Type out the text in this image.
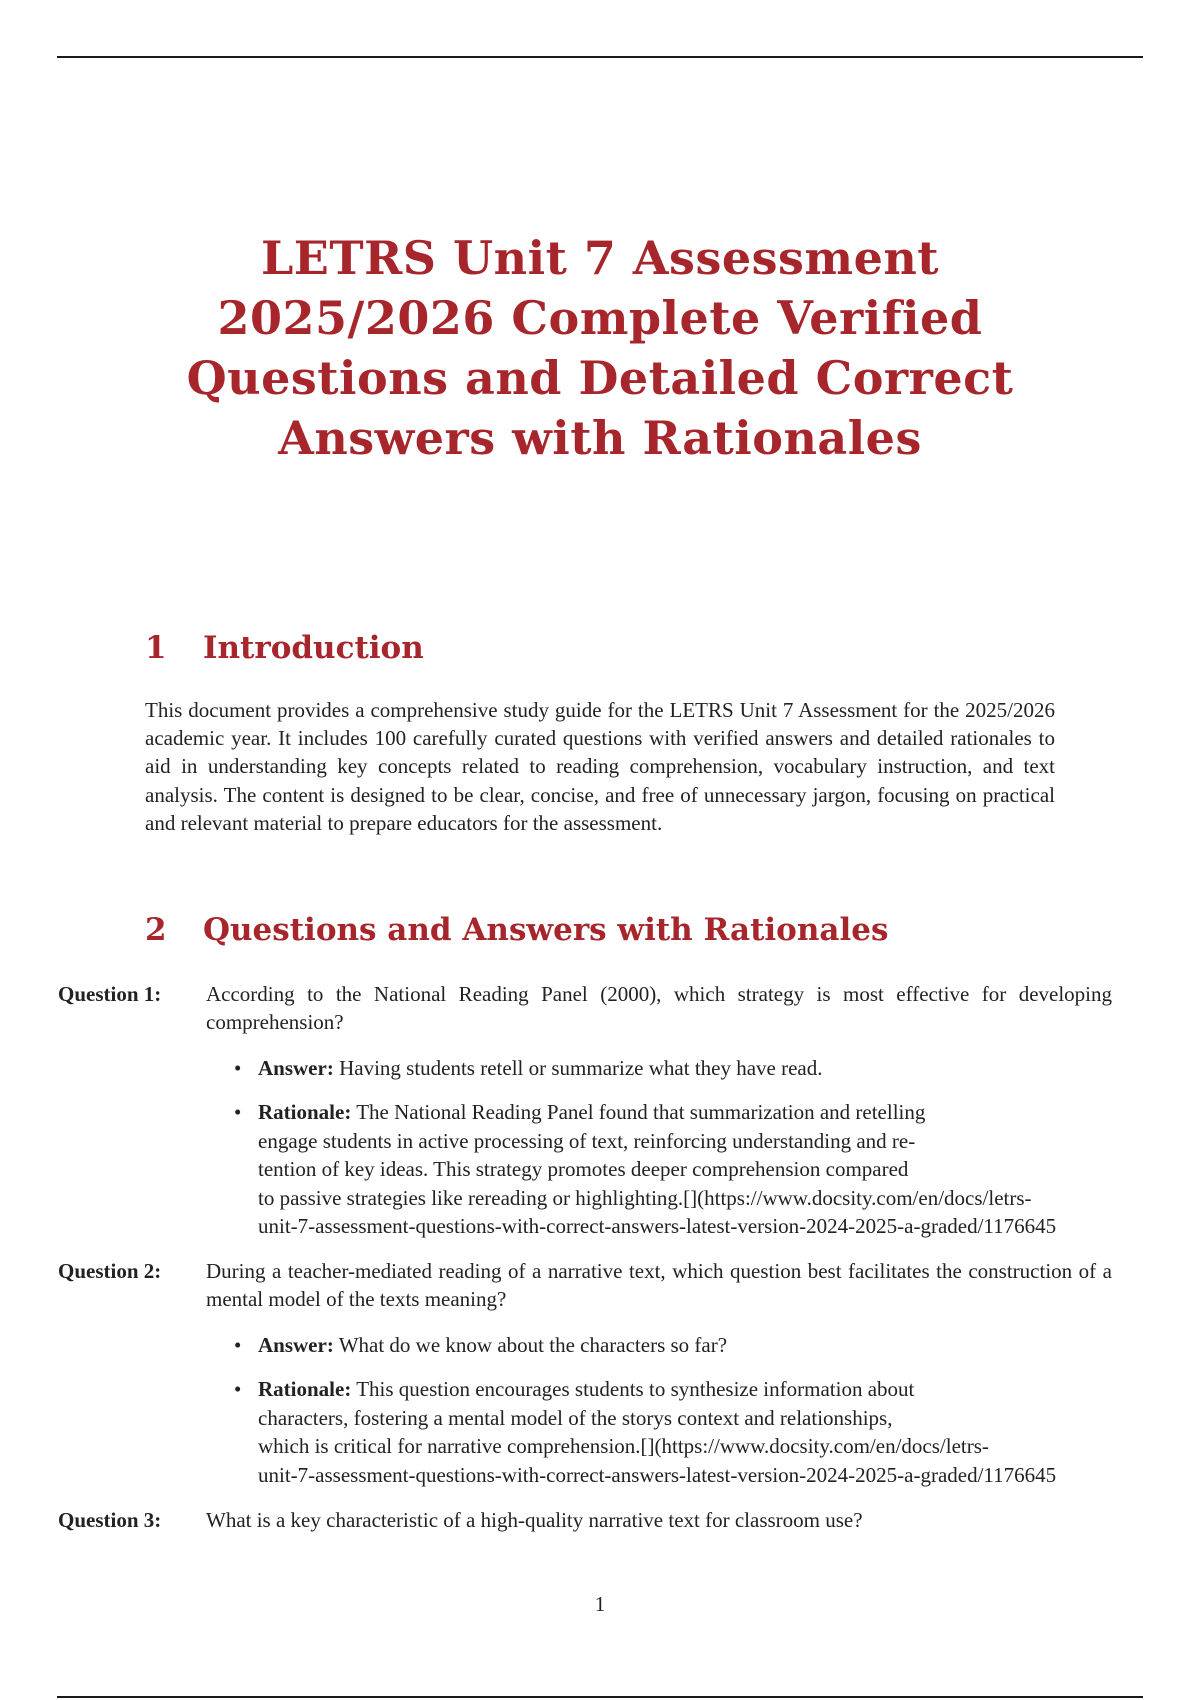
LETRS Unit 7 Assessment
2025/2026 Complete Verified
Questions and Detailed Correct
Answers with Rationales
1 Introduction

This document provides a comprehensive study guide for the LETRS Unit 7 Assessment for the 2025/2026 academic year. It includes 100 carefully curated questions with verified answers and detailed rationales to aid in understanding key concepts related to reading comprehension, vocabulary instruction, and text analysis. The content is designed to be clear, concise, and free of unnecessary jargon, focusing on practical and relevant material to prepare educators for the assessment.

2 Questions and Answers with Rationales
Question 1: According to the National Reading Panel (2000), which strategy is most effective for developing comprehension?
• Answer: Having students retell or summarize what they have read.
• Rationale: The National Reading Panel found that summarization and retelling
engage students in active processing of text, reinforcing understanding and re-
tention of key ideas. This strategy promotes deeper comprehension compared
to passive strategies like rereading or highlighting.[](https://www.docsity.com/en/docs/letrs-
unit-7-assessment-questions-with-correct-answers-latest-version-2024-2025-a-graded/1176645
Question 2: During a teacher-mediated reading of a narrative text, which question best facilitates the construction of a mental model of the texts meaning?
• Answer: What do we know about the characters so far?
• Rationale: This question encourages students to synthesize information about
characters, fostering a mental model of the storys context and relationships,
which is critical for narrative comprehension.[](https://www.docsity.com/en/docs/letrs-
unit-7-assessment-questions-with-correct-answers-latest-version-2024-2025-a-graded/1176645
Question 3: What is a key characteristic of a high-quality narrative text for classroom use?
1
